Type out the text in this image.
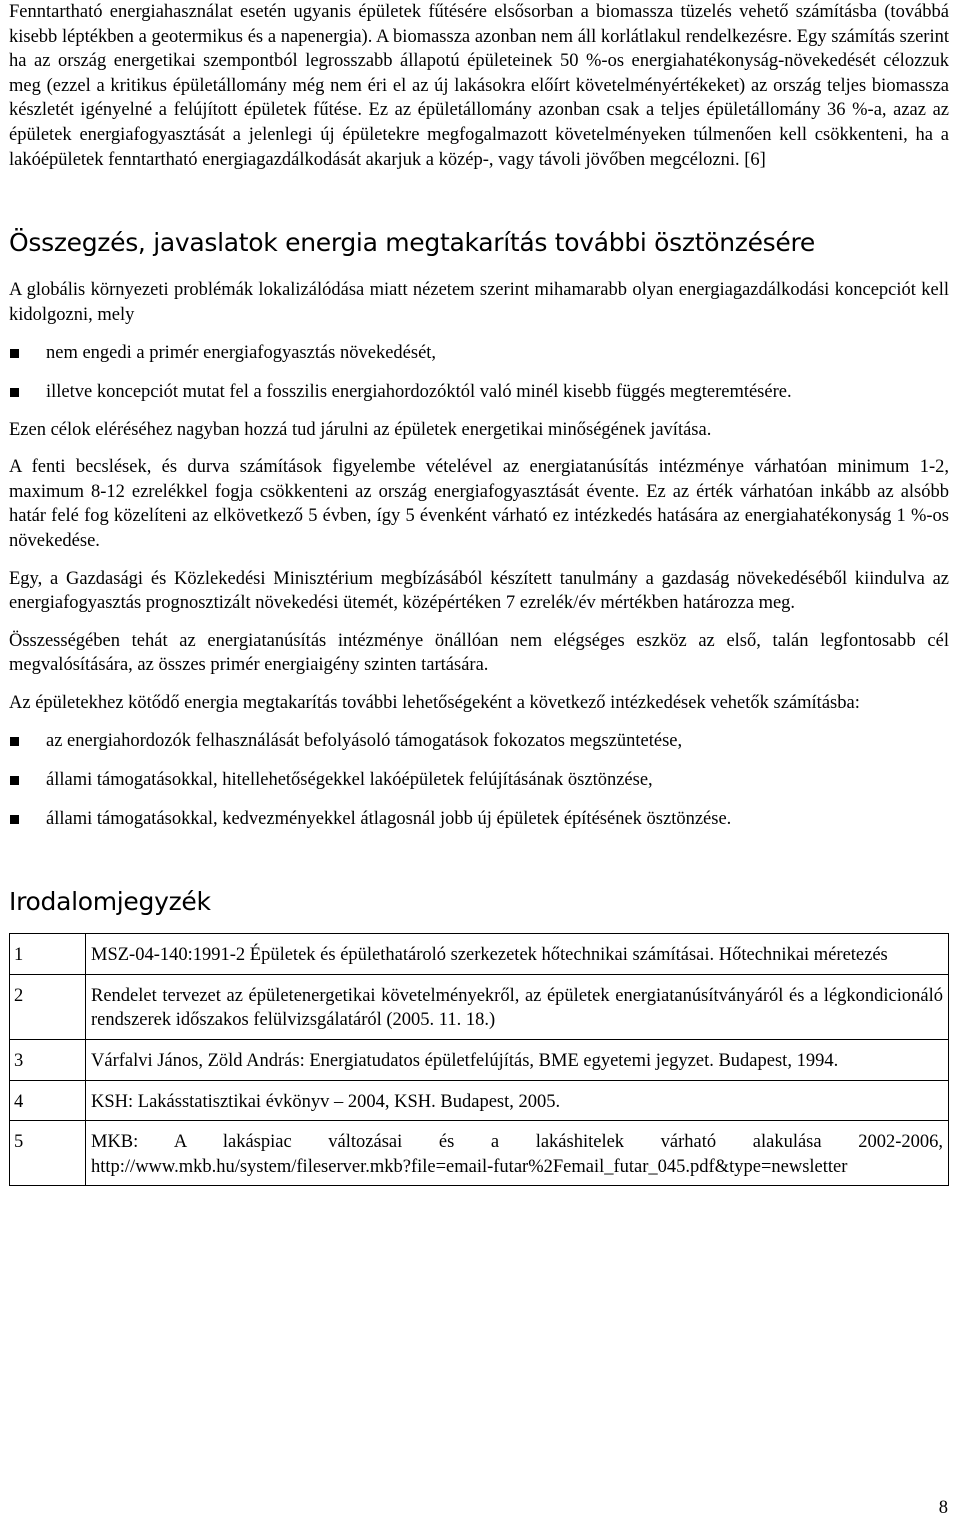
Fenntartható energiahasználat esetén ugyanis épületek fűtésére elsősorban a biomassza tüzelés vehető számításba (továbbá kisebb léptékben a geotermikus és a napenergia). A biomassza azonban nem áll korlátlakul rendelkezésre. Egy számítás szerint ha az ország energetikai szempontból legrosszabb állapotú épületeinek 50 %-os energiahatékonyság-növekedését célozzuk meg (ezzel a kritikus épületállomány még nem éri el az új lakásokra előírt követelményértékeket) az ország teljes biomassza készletét igényelné a felújított épületek fűtése. Ez az épületállomány azonban csak a teljes épületállomány 36 %-a, azaz az épületek energiafogyasztását a jelenlegi új épületekre megfogalmazott követelményeken túlmenően kell csökkenteni, ha a lakóépületek fenntartható energiagazdálkodását akarjuk a közép-, vagy távoli jövőben megcélozni. [6]

Összegzés, javaslatok energia megtakarítás további ösztönzésére

A globális környezeti problémák lokalizálódása miatt nézetem szerint mihamarabb olyan energiagazdálkodási koncepciót kell kidolgozni, mely

nem engedi a primér energiafogyasztás növekedését,
illetve koncepciót mutat fel a fosszilis energiahordozóktól való minél kisebb függés megteremtésére.

Ezen célok eléréséhez nagyban hozzá tud járulni az épületek energetikai minőségének javítása.

A fenti becslések, és durva számítások figyelembe vételével az energiatanúsítás intézménye várhatóan minimum 1-2, maximum 8-12 ezrelékkel fogja csökkenteni az ország energiafogyasztását évente. Ez az érték várhatóan inkább az alsóbb határ felé fog közelíteni az elkövetkező 5 évben, így 5 évenként várható ez intézkedés hatására az energiahatékonyság 1 %-os növekedése.

Egy, a Gazdasági és Közlekedési Minisztérium megbízásából készített tanulmány a gazdaság növekedéséből kiindulva az energiafogyasztás prognosztizált növekedési ütemét, középértéken 7 ezrelék/év mértékben határozza meg.

Összességében tehát az energiatanúsítás intézménye önállóan nem elégséges eszköz az első, talán legfontosabb cél megvalósítására, az összes primér energiaigény szinten tartására.

Az épületekhez kötődő energia megtakarítás további lehetőségeként a következő intézkedések vehetők számításba:

az energiahordozók felhasználását befolyásoló támogatások fokozatos megszüntetése,
állami támogatásokkal, hitellehetőségekkel lakóépületek felújításának ösztönzése,
állami támogatásokkal, kedvezményekkel átlagosnál jobb új épületek építésének ösztönzése.
Irodalomjegyzék
1	MSZ-04-140:1991-2 Épületek és épülethatároló szerkezetek hőtechnikai számításai. Hőtechnikai méretezés
2	Rendelet tervezet az épületenergetikai követelményekről, az épületek energiatanúsítványáról és a légkondicionáló rendszerek időszakos felülvizsgálatáról (2005. 11. 18.)
3	Várfalvi János, Zöld András: Energiatudatos épületfelújítás, BME egyetemi jegyzet. Budapest, 1994.
4	KSH: Lakásstatisztikai évkönyv – 2004, KSH. Budapest, 2005.
5	MKB: A lakáspiac változásai és a lakáshitelek várható alakulása 2002-2006, http://www.mkb.hu/system/fileserver.mkb?file=email-futar%2Femail_futar_045.pdf&type=newsletter
8
